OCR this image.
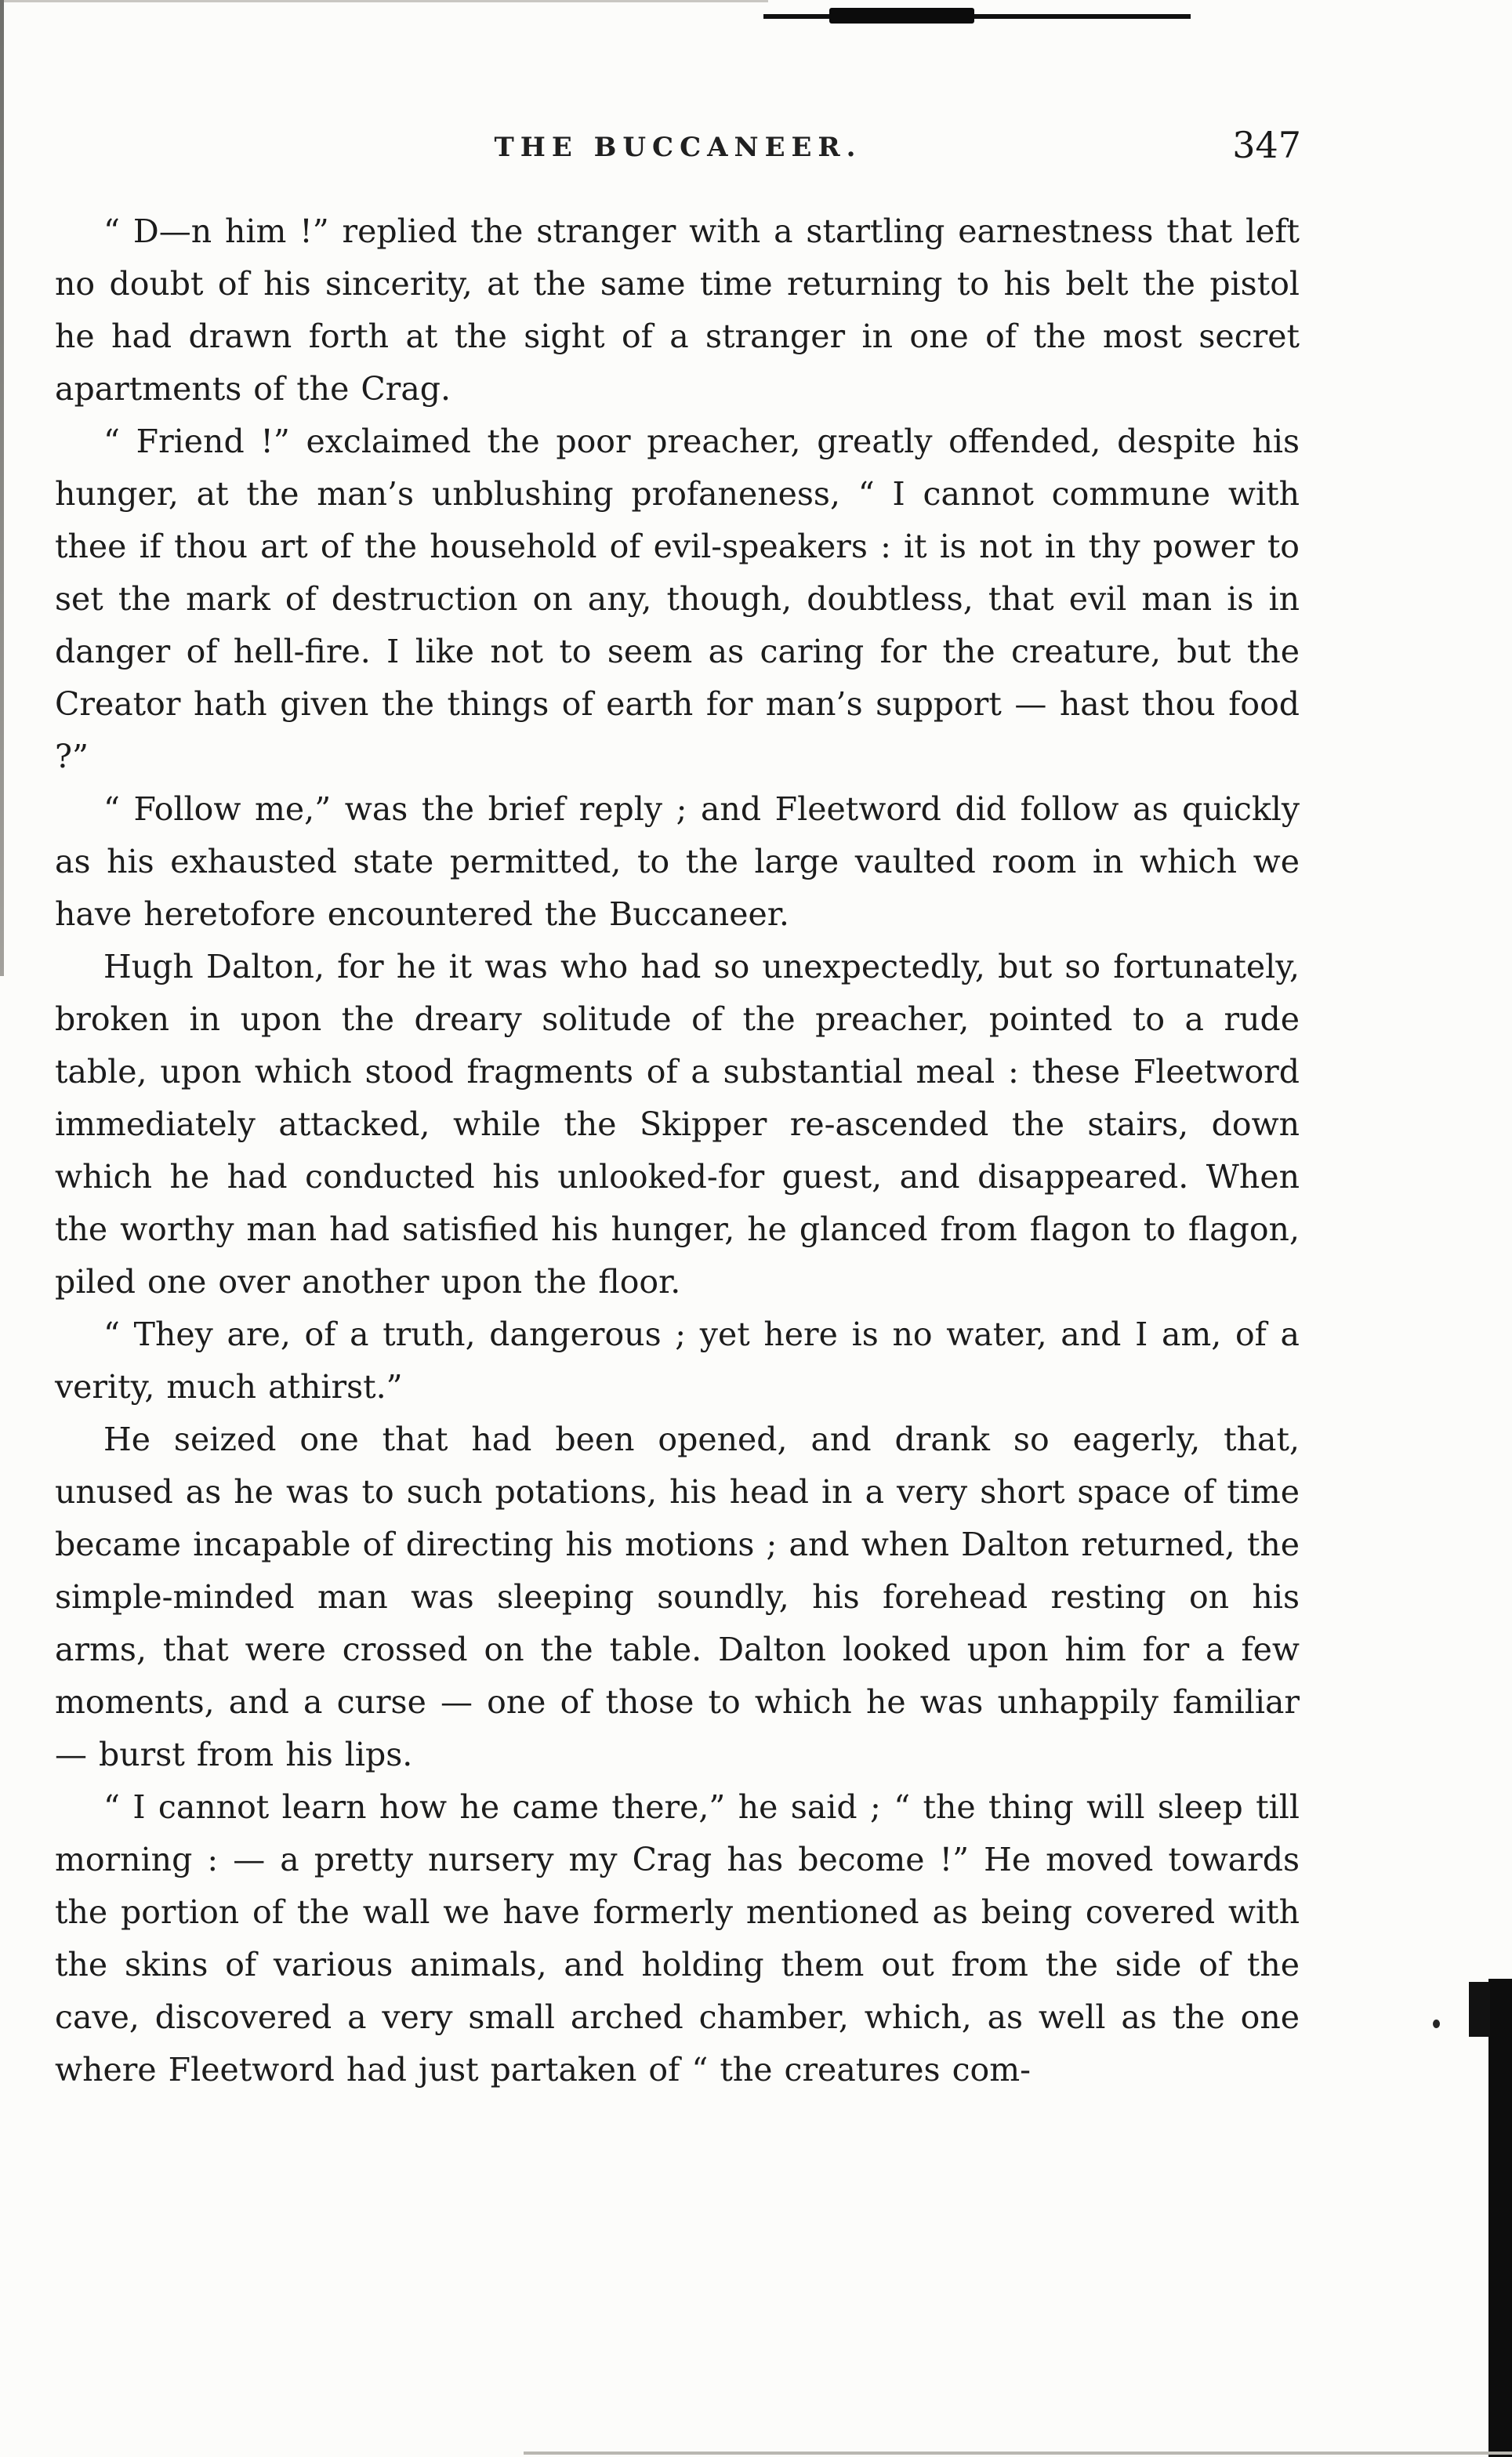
THE BUCCANEER.	347

“ D—n him !” replied the stranger with a startling earnestness that left no doubt of his sincerity, at the same time returning to his belt the pistol he had drawn forth at the sight of a stranger in one of the most secret apartments of the Crag.

“ Friend !” exclaimed the poor preacher, greatly offended, despite his hunger, at the man’s unblushing profaneness, “ I cannot commune with thee if thou art of the household of evil-speakers : it is not in thy power to set the mark of destruction on any, though, doubtless, that evil man is in danger of hell-fire. I like not to seem as caring for the creature, but the Creator hath given the things of earth for man’s support — hast thou food ?”

“ Follow me,” was the brief reply ; and Fleetword did follow as quickly as his exhausted state permitted, to the large vaulted room in which we have heretofore encountered the Buccaneer.

Hugh Dalton, for he it was who had so unexpectedly, but so fortunately, broken in upon the dreary solitude of the preacher, pointed to a rude table, upon which stood fragments of a substantial meal : these Fleetword immediately attacked, while the Skipper re-ascended the stairs, down which he had conducted his unlooked-for guest, and disappeared. When the worthy man had satisfied his hunger, he glanced from flagon to flagon, piled one over another upon the floor.

“ They are, of a truth, dangerous ; yet here is no water, and I am, of a verity, much athirst.”

He seized one that had been opened, and drank so eagerly, that, unused as he was to such potations, his head in a very short space of time became incapable of directing his motions ; and when Dalton returned, the simple-minded man was sleeping soundly, his forehead resting on his arms, that were crossed on the table. Dalton looked upon him for a few moments, and a curse — one of those to which he was unhappily familiar — burst from his lips.

“ I cannot learn how he came there,” he said ; “ the thing will sleep till morning : — a pretty nursery my Crag has become !” He moved towards the portion of the wall we have formerly mentioned as being covered with the skins of various animals, and holding them out from the side of the cave, discovered a very small arched chamber, which, as well as the one where Fleetword had just partaken of “ the creatures com-
